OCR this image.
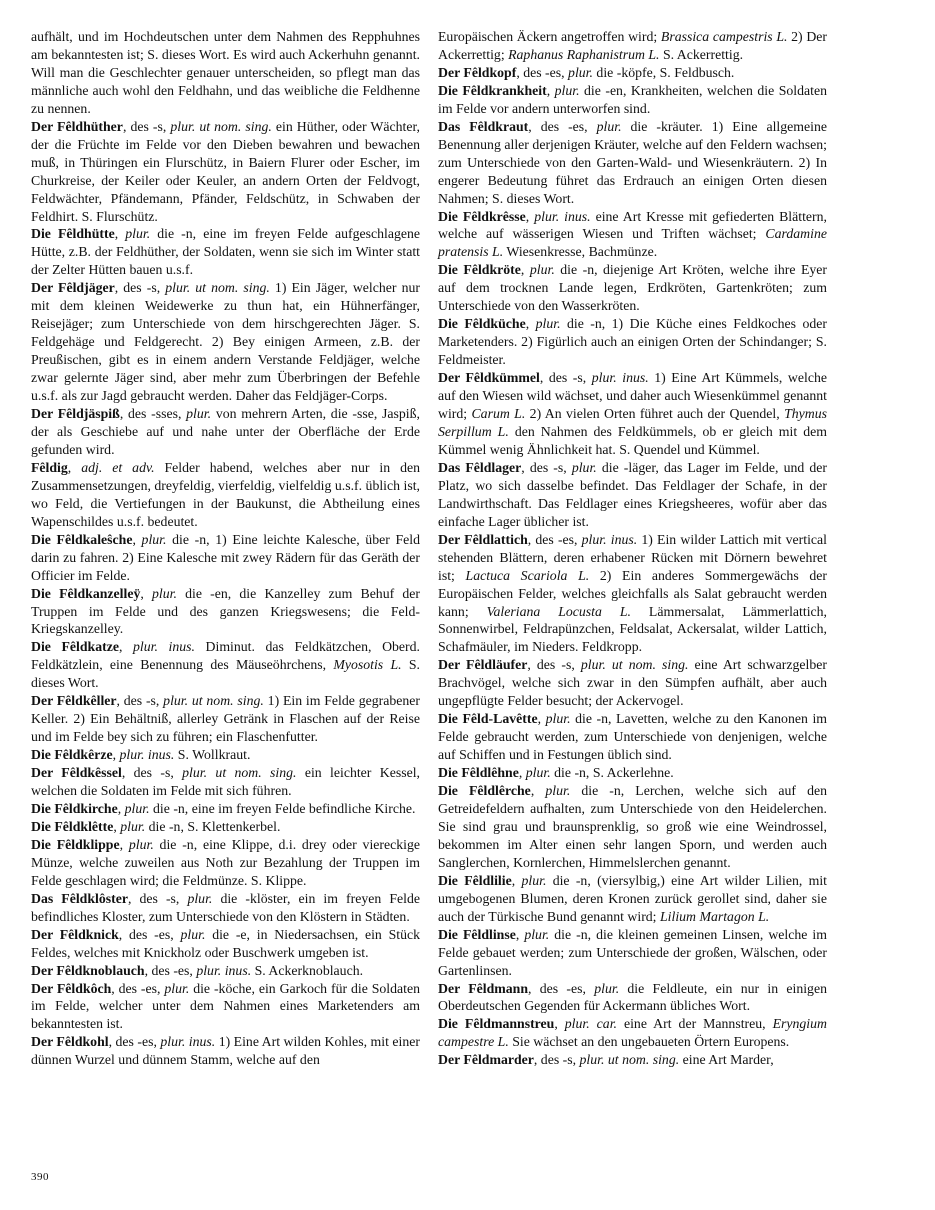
aufhält, und im Hochdeutschen unter dem Nahmen des Repphuhnes am bekanntesten ist; S. dieses Wort. Es wird auch Ackerhuhn genannt. Will man die Geschlechter genauer unterscheiden, so pflegt man das männliche auch wohl den Feldhahn, und das weibliche die Feldhenne zu nennen.

Der Fêldhüther, des -s, plur. ut nom. sing. ein Hüther, oder Wächter, der die Früchte im Felde vor den Dieben bewahren und bewachen muß, in Thüringen ein Flurschütz, in Baiern Flurer oder Escher, im Churkreise, der Keiler oder Keuler, an andern Orten der Feldvogt, Feldwächter, Pfändemann, Pfänder, Feldschütz, in Schwaben der Feldhirt. S. Flurschütz.

Die Fêldhütte, plur. die -n, eine im freyen Felde aufgeschlagene Hütte, z.B. der Feldhüther, der Soldaten, wenn sie sich im Winter statt der Zelter Hütten bauen u.s.f.

Der Fêldjäger, des -s, plur. ut nom. sing. 1) Ein Jäger, welcher nur mit dem kleinen Weidewerke zu thun hat, ein Hühnerfänger, Reisejäger; zum Unterschiede von dem hirschgerechten Jäger. S. Feldgehäge und Feldgerecht. 2) Bey einigen Armeen, z.B. der Preußischen, gibt es in einem andern Verstande Feldjäger, welche zwar gelernte Jäger sind, aber mehr zum Überbringen der Befehle u.s.f. als zur Jagd gebraucht werden. Daher das Feldjäger-Corps.

Der Fêldjäspiß, des -sses, plur. von mehrern Arten, die -sse, Jaspiß, der als Geschiebe auf und nahe unter der Oberfläche der Erde gefunden wird.

Fêldig, adj. et adv. Felder habend, welches aber nur in den Zusammensetzungen, dreyfeldig, vierfeldig, vielfeldig u.s.f. üblich ist, wo Feld, die Vertiefungen in der Baukunst, die Abtheilung eines Wapenschildes u.s.f. bedeutet.

Die Fêldkaleŝche, plur. die -n, 1) Eine leichte Kalesche, über Feld darin zu fahren. 2) Eine Kalesche mit zwey Rädern für das Geräth der Officier im Felde.

Die Fêldkanzelleÿ, plur. die -en, die Kanzelley zum Behuf der Truppen im Felde und des ganzen Kriegswesens; die Feld-Kriegskanzelley.

Die Fêldkatze, plur. inus. Diminut. das Feldkätzchen, Oberd. Feldkätzlein, eine Benennung des Mäuseöhrchens, Myosotis L. S. dieses Wort.

Der Fêldkêller, des -s, plur. ut nom. sing. 1) Ein im Felde gegrabener Keller. 2) Ein Behältniß, allerley Getränk in Flaschen auf der Reise und im Felde bey sich zu führen; ein Flaschenfutter.

Die Fêldkêrze, plur. inus. S. Wollkraut.

Der Fêldkêssel, des -s, plur. ut nom. sing. ein leichter Kessel, welchen die Soldaten im Felde mit sich führen.

Die Fêldkirche, plur. die -n, eine im freyen Felde befindliche Kirche.

Die Fêldklêtte, plur. die -n, S. Klettenkerbel.

Die Fêldklippe, plur. die -n, eine Klippe, d.i. drey oder viereckige Münze, welche zuweilen aus Noth zur Bezahlung der Truppen im Felde geschlagen wird; die Feldmünze. S. Klippe.

Das Fêldklôster, des -s, plur. die -klöster, ein im freyen Felde befindliches Kloster, zum Unterschiede von den Klöstern in Städten.

Der Fêldknick, des -es, plur. die -e, in Niedersachsen, ein Stück Feldes, welches mit Knickholz oder Buschwerk umgeben ist.

Der Fêldknoblauch, des -es, plur. inus. S. Ackerknoblauch.

Der Fêldkôch, des -es, plur. die -köche, ein Garkoch für die Soldaten im Felde, welcher unter dem Nahmen eines Marketenders am bekanntesten ist.

Der Fêldkohl, des -es, plur. inus. 1) Eine Art wilden Kohles, mit einer dünnen Wurzel und dünnem Stamm, welche auf den

Europäischen Äckern angetroffen wird; Brassica campestris L. 2) Der Ackerrettig; Raphanus Raphanistrum L. S. Ackerrettig.

Der Fêldkopf, des -es, plur. die -köpfe, S. Feldbusch.

Die Fêldkrankheit, plur. die -en, Krankheiten, welchen die Soldaten im Felde vor andern unterworfen sind.

Das Fêldkraut, des -es, plur. die -kräuter. 1) Eine allgemeine Benennung aller derjenigen Kräuter, welche auf den Feldern wachsen; zum Unterschiede von den Garten-Wald- und Wiesenkräutern. 2) In engerer Bedeutung führet das Erdrauch an einigen Orten diesen Nahmen; S. dieses Wort.

Die Fêldkrêsse, plur. inus. eine Art Kresse mit gefiederten Blättern, welche auf wässerigen Wiesen und Triften wächset; Cardamine pratensis L. Wiesenkresse, Bachmünze.

Die Fêldkröte, plur. die -n, diejenige Art Kröten, welche ihre Eyer auf dem trocknen Lande legen, Erdkröten, Gartenkröten; zum Unterschiede von den Wasserkröten.

Die Fêldküche, plur. die -n, 1) Die Küche eines Feldkoches oder Marketenders. 2) Figürlich auch an einigen Orten der Schindanger; S. Feldmeister.

Der Fêldkümmel, des -s, plur. inus. 1) Eine Art Kümmels, welche auf den Wiesen wild wächset, und daher auch Wiesenkümmel genannt wird; Carum L. 2) An vielen Orten führet auch der Quendel, Thymus Serpillum L. den Nahmen des Feldkümmels, ob er gleich mit dem Kümmel wenig Ähnlichkeit hat. S. Quendel und Kümmel.

Das Fêldlager, des -s, plur. die -läger, das Lager im Felde, und der Platz, wo sich dasselbe befindet. Das Feldlager der Schafe, in der Landwirthschaft. Das Feldlager eines Kriegsheeres, wofür aber das einfache Lager üblicher ist.

Der Fêldlattich, des -es, plur. inus. 1) Ein wilder Lattich mit vertical stehenden Blättern, deren erhabener Rücken mit Dörnern bewehret ist; Lactuca Scariola L. 2) Ein anderes Sommergewächs der Europäischen Felder, welches gleichfalls als Salat gebraucht werden kann; Valeriana Locusta L. Lämmersalat, Lämmerlattich, Sonnenwirbel, Feldrapünzchen, Feldsalat, Ackersalat, wilder Lattich, Schafmäuler, im Nieders. Feldkropp.

Der Fêldläufer, des -s, plur. ut nom. sing. eine Art schwarzgelber Brachvögel, welche sich zwar in den Sümpfen aufhält, aber auch ungepflügte Felder besucht; der Ackervogel.

Die Fêld-Lavêtte, plur. die -n, Lavetten, welche zu den Kanonen im Felde gebraucht werden, zum Unterschiede von denjenigen, welche auf Schiffen und in Festungen üblich sind.

Die Fêldlêhne, plur. die -n, S. Ackerlehne.

Die Fêldlêrche, plur. die -n, Lerchen, welche sich auf den Getreidefeldern aufhalten, zum Unterschiede von den Heidelerchen. Sie sind grau und braunsprenklig, so groß wie eine Weindrossel, bekommen im Alter einen sehr langen Sporn, und werden auch Sanglerchen, Kornlerchen, Himmelslerchen genannt.

Die Fêldlilie, plur. die -n, (viersylbig,) eine Art wilder Lilien, mit umgebogenen Blumen, deren Kronen zurück gerollet sind, daher sie auch der Türkische Bund genannt wird; Lilium Martagon L.

Die Fêldlinse, plur. die -n, die kleinen gemeinen Linsen, welche im Felde gebauet werden; zum Unterschiede der großen, Wälschen, oder Gartenlinsen.

Der Fêldmann, des -es, plur. die Feldleute, ein nur in einigen Oberdeutschen Gegenden für Ackermann übliches Wort.

Die Fêldmannstreu, plur. car. eine Art der Mannstreu, Eryngium campestre L. Sie wächset an den ungebaueten Örtern Europens.

Der Fêldmarder, des -s, plur. ut nom. sing. eine Art Marder,

390
